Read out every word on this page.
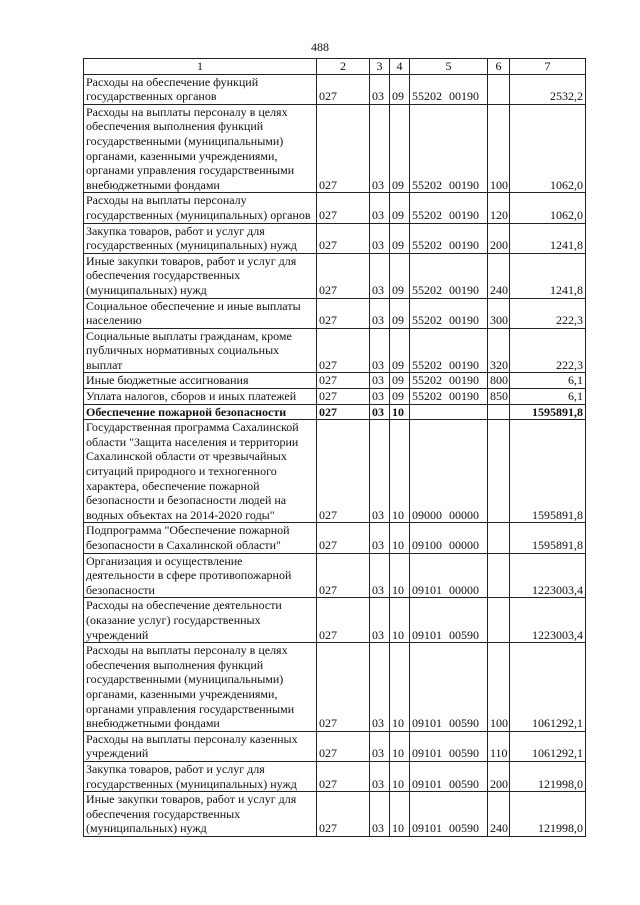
488
1	2	3	4	5	6	7
Расходы на обеспечение функций государственных органов	027	03	09	55202 00190		2532,2
Расходы на выплаты персоналу в целях обеспечения выполнения функций государственными (муниципальными) органами, казенными учреждениями, органами управления государственными внебюджетными фондами	027	03	09	55202 00190	100	1062,0
Расходы на выплаты персоналу государственных (муниципальных) органов	027	03	09	55202 00190	120	1062,0
Закупка товаров, работ и услуг для государственных (муниципальных) нужд	027	03	09	55202 00190	200	1241,8
Иные закупки товаров, работ и услуг для обеспечения государственных (муниципальных) нужд	027	03	09	55202 00190	240	1241,8
Социальное обеспечение и иные выплаты населению	027	03	09	55202 00190	300	222,3
Социальные выплаты гражданам, кроме публичных нормативных социальных выплат	027	03	09	55202 00190	320	222,3
Иные бюджетные ассигнования	027	03	09	55202 00190	800	6,1
Уплата налогов, сборов и иных платежей	027	03	09	55202 00190	850	6,1
Обеспечение пожарной безопасности	027	03	10			1595891,8
Государственная программа Сахалинской области "Защита населения и территории Сахалинской области от чрезвычайных ситуаций природного и техногенного характера, обеспечение пожарной безопасности и безопасности людей на водных объектах на 2014-2020 годы"	027	03	10	09000 00000		1595891,8
Подпрограмма "Обеспечение пожарной безопасности в Сахалинской области"	027	03	10	09100 00000		1595891,8
Организация и осуществление деятельности в сфере противопожарной безопасности	027	03	10	09101 00000		1223003,4
Расходы на обеспечение деятельности (оказание услуг) государственных учреждений	027	03	10	09101 00590		1223003,4
Расходы на выплаты персоналу в целях обеспечения выполнения функций государственными (муниципальными) органами, казенными учреждениями, органами управления государственными внебюджетными фондами	027	03	10	09101 00590	100	1061292,1
Расходы на выплаты персоналу казенных учреждений	027	03	10	09101 00590	110	1061292,1
Закупка товаров, работ и услуг для государственных (муниципальных) нужд	027	03	10	09101 00590	200	121998,0
Иные закупки товаров, работ и услуг для обеспечения государственных (муниципальных) нужд	027	03	10	09101 00590	240	121998,0
